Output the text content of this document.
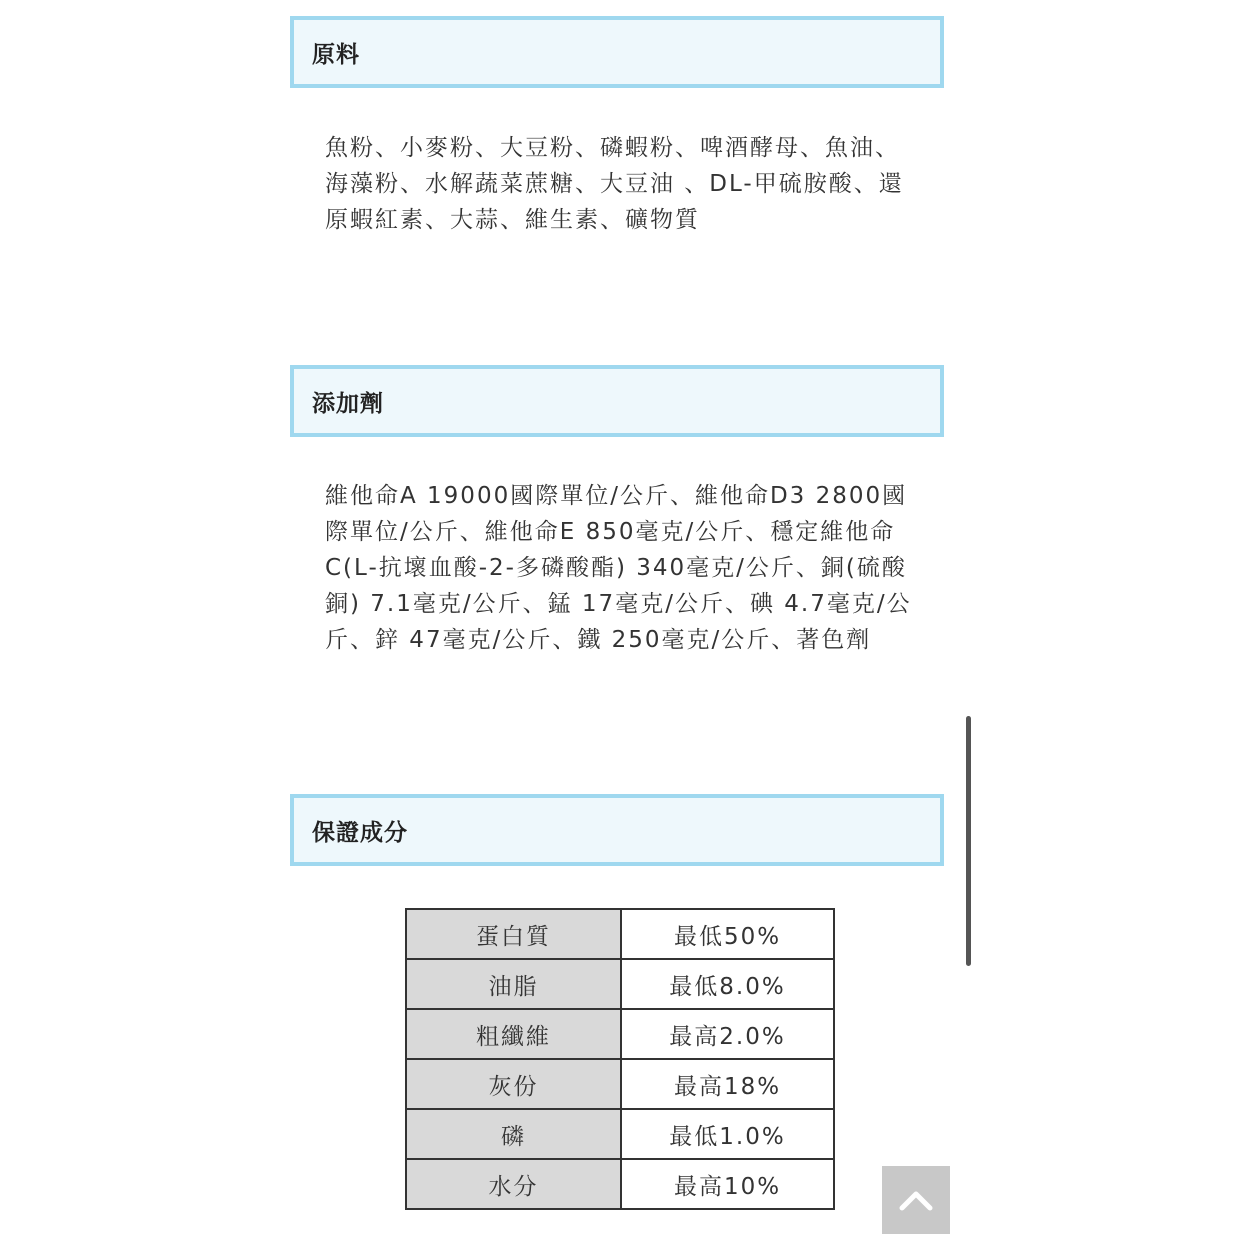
原料
魚粉、小麥粉、大豆粉、磷蝦粉、啤酒酵母、魚油、海藻粉、水解蔬菜蔗糖、大豆油 、DL-甲硫胺酸、還原蝦紅素、大蒜、維生素、礦物質
添加劑
維他命A 19000國際單位/公斤、維他命D3 2800國際單位/公斤、維他命E 850毫克/公斤、穩定維他命 C(L-抗壞血酸-2-多磷酸酯) 340毫克/公斤、銅(硫酸 銅) 7.1毫克/公斤、錳 17毫克/公斤、碘 4.7毫克/公斤、鋅 47毫克/公斤、鐵 250毫克/公斤、著色劑
保證成分
蛋白質	最低50%
油脂	最低8.0%
粗纖維	最高2.0%
灰份	最高18%
磷	最低1.0%
水分	最高10%
